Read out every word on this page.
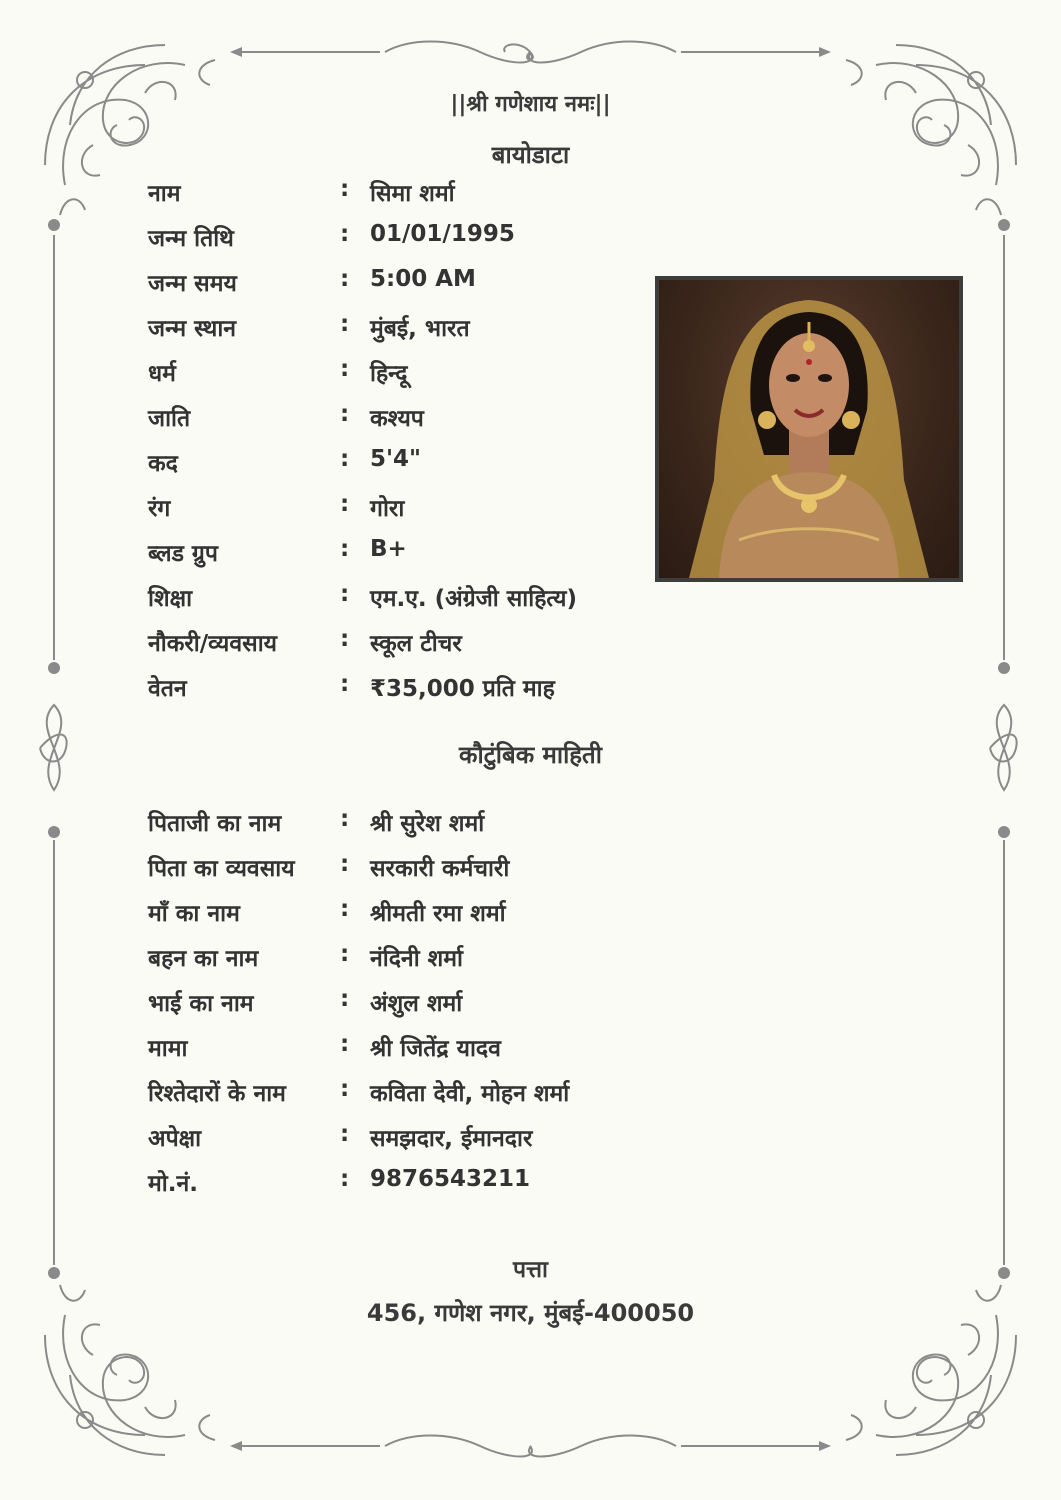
||श्री गणेशाय नमः||
बायोडाटा
नाम	: सिमा शर्मा
जन्म तिथि	: 01/01/1995
जन्म समय	: 5:00 AM
जन्म स्थान	: मुंबई, भारत
धर्म	: हिन्दू
जाति	: कश्यप
कद	: 5'4"
रंग	: गोरा
ब्लड ग्रुप	: B+
शिक्षा	: एम.ए. (अंग्रेजी साहित्य)
नौकरी/व्यवसाय	: स्कूल टीचर
वेतन	: ₹35,000 प्रति माह
कौटुंबिक माहिती
पिताजी का नाम	: श्री सुरेश शर्मा
पिता का व्यवसाय : सरकारी कर्मचारी
माँ का नाम	: श्रीमती रमा शर्मा
बहन का नाम	: नंदिनी शर्मा
भाई का नाम	: अंशुल शर्मा
मामा	: श्री जितेंद्र यादव
रिश्तेदारों के नाम : कविता देवी, मोहन शर्मा
अपेक्षा	: समझदार, ईमानदार
मो.नं.	: 9876543211
पत्ता
456, गणेश नगर, मुंबई-400050
